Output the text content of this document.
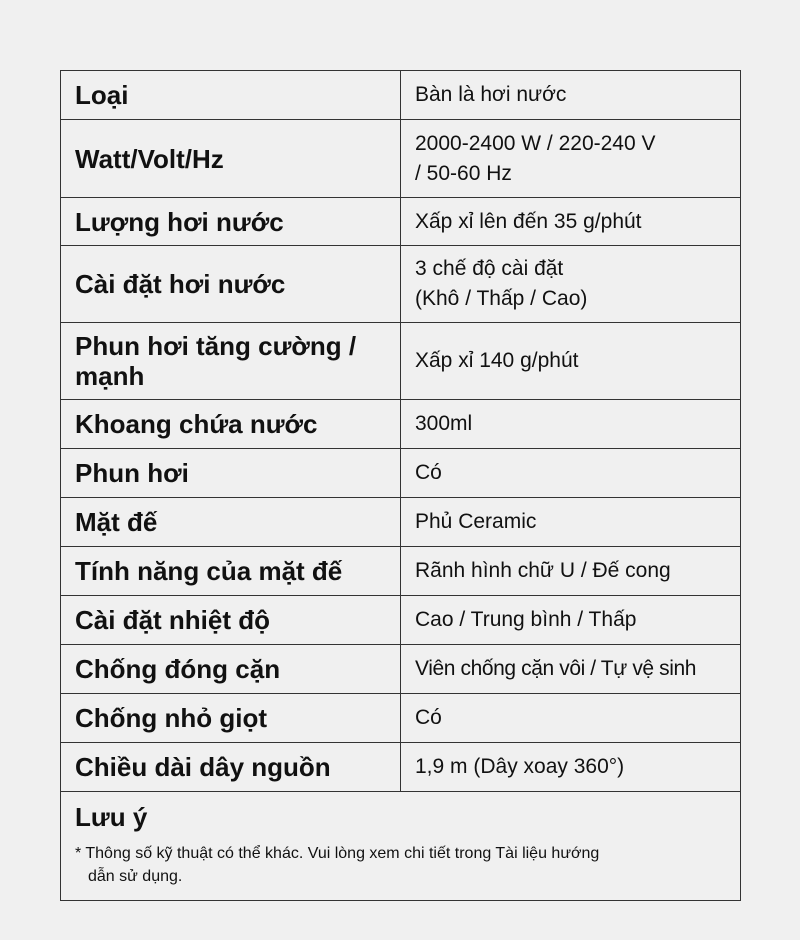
Loại	Bàn là hơi nước
Watt/Volt/Hz	2000-2400 W / 220-240 V
/ 50-60 Hz
Lượng hơi nước	Xấp xỉ lên đến 35 g/phút
Cài đặt hơi nước	3 chế độ cài đặt
(Khô / Thấp / Cao)
Phun hơi tăng cường /
mạnh	Xấp xỉ 140 g/phút
Khoang chứa nước	300ml
Phun hơi	Có
Mặt đế	Phủ Ceramic
Tính năng của mặt đế	Rãnh hình chữ U / Đế cong
Cài đặt nhiệt độ	Cao / Trung bình / Thấp
Chống đóng cặn	Viên chống cặn vôi / Tự vệ sinh
Chống nhỏ giọt	Có
Chiều dài dây nguồn	1,9 m (Dây xoay 360°)

Lưu ý
* Thông số kỹ thuật có thể khác. Vui lòng xem chi tiết trong Tài liệu hướng
dẫn sử dụng.	
